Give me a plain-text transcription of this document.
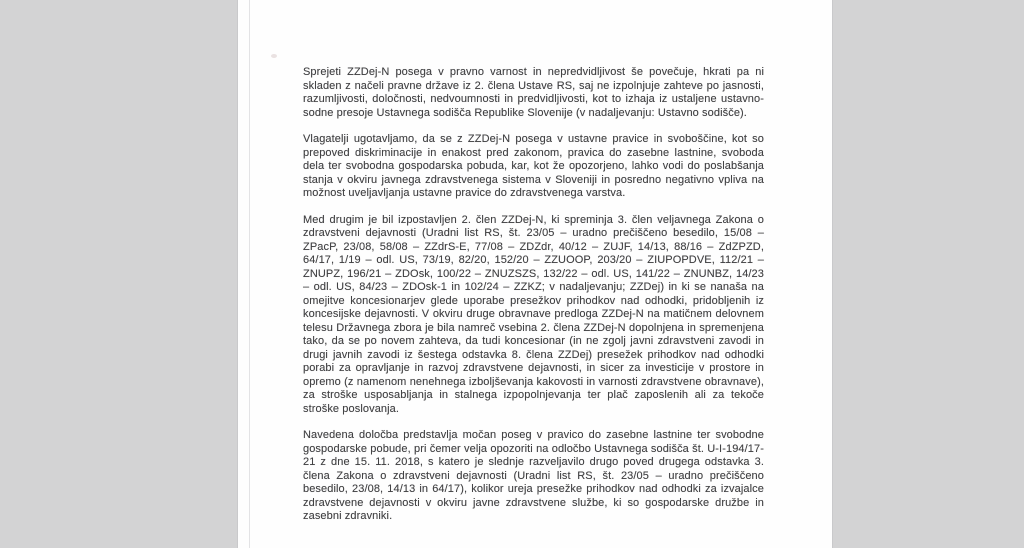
Sprejeti ZZDej-N posega v pravno varnost in nepredvidljivost še povečuje, hkrati pa ni skladen z načeli pravne države iz 2. člena Ustave RS, saj ne izpolnjuje zahteve po jasnosti, razumljivosti, določnosti, nedvoumnosti in predvidljivosti, kot to izhaja iz ustaljene ustavno-sodne presoje Ustavnega sodišča Republike Slovenije (v nadaljevanju: Ustavno sodišče).

Vlagatelji ugotavljamo, da se z ZZDej-N posega v ustavne pravice in svoboščine, kot so prepoved diskriminacije in enakost pred zakonom, pravica do zasebne lastnine, svoboda dela ter svobodna gospodarska pobuda, kar, kot že opozorjeno, lahko vodi do poslabšanja stanja v okviru javnega zdravstvenega sistema v Sloveniji in posredno negativno vpliva na možnost uveljavljanja ustavne pravice do zdravstvenega varstva.

Med drugim je bil izpostavljen 2. člen ZZDej-N, ki spreminja 3. člen veljavnega Zakona o zdravstveni dejavnosti (Uradni list RS, št. 23/05 – uradno prečiščeno besedilo, 15/08 – ZPacP, 23/08, 58/08 – ZZdrS-E, 77/08 – ZDZdr, 40/12 – ZUJF, 14/13, 88/16 – ZdZPZD, 64/17, 1/19 – odl. US, 73/19, 82/20, 152/20 – ZZUOOP, 203/20 – ZIUPOPDVE, 112/21 – ZNUPZ, 196/21 – ZDOsk, 100/22 – ZNUZSZS, 132/22 – odl. US, 141/22 – ZNUNBZ, 14/23 – odl. US, 84/23 – ZDOsk-1 in 102/24 – ZZKZ; v nadaljevanju; ZZDej) in ki se nanaša na omejitve koncesionarjev glede uporabe presežkov prihodkov nad odhodki, pridobljenih iz koncesijske dejavnosti. V okviru druge obravnave predloga ZZDej-N na matičnem delovnem telesu Državnega zbora je bila namreč vsebina 2. člena ZZDej-N dopolnjena in spremenjena tako, da se po novem zahteva, da tudi koncesionar (in ne zgolj javni zdravstveni zavodi in drugi javnih zavodi iz šestega odstavka 8. člena ZZDej) presežek prihodkov nad odhodki porabi za opravljanje in razvoj zdravstvene dejavnosti, in sicer za investicije v prostore in opremo (z namenom nenehnega izboljševanja kakovosti in varnosti zdravstvene obravnave), za stroške usposabljanja in stalnega izpopolnjevanja ter plač zaposlenih ali za tekoče stroške poslovanja.

Navedena določba predstavlja močan poseg v pravico do zasebne lastnine ter svobodne gospodarske pobude, pri čemer velja opozoriti na odločbo Ustavnega sodišča št. U-I-194/17-21 z dne 15. 11. 2018, s katero je slednje razveljavilo drugo poved drugega odstavka 3. člena Zakona o zdravstveni dejavnosti (Uradni list RS, št. 23/05 – uradno prečiščeno besedilo, 23/08, 14/13 in 64/17), kolikor ureja presežke prihodkov nad odhodki za izvajalce zdravstvene dejavnosti v okviru javne zdravstvene službe, ki so gospodarske družbe in zasebni zdravniki.
